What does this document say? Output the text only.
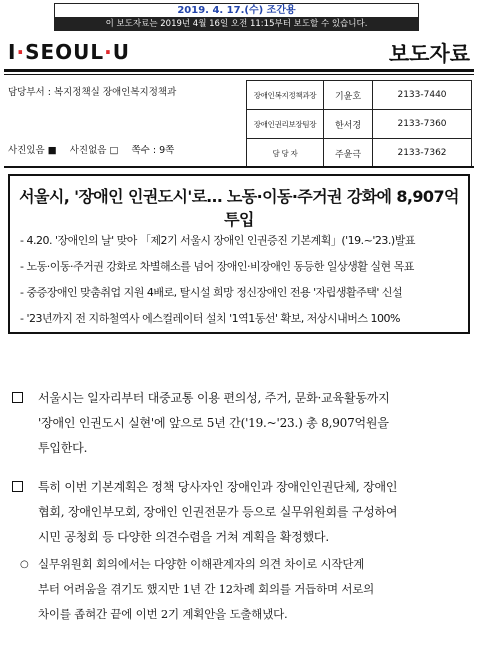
2019. 4. 17.(수) 조간용
이 보도자료는 2019년 4월 16일 오전 11:15부터 보도할 수 있습니다.
I·SEOUL·U	보도자료
담당부서 : 복지정책실 장애인복지정책과
사진있음 ■ 사진없음 □ 쪽수 : 9쪽
장애인복지정책과장	기윤호	2133-7440
장애인권리보장팀장	한서경	2133-7360
담 당 자	주윤극	2133-7362
서울시, '장애인 인권도시'로… 노동·이동·주거권 강화에 8,907억 투입
- 4.20. '장애인의 날' 맞아 「제2기 서울시 장애인 인권증진 기본계획」('19.~'23.)발표
- 노동·이동·주거권 강화로 차별해소를 넘어 장애인·비장애인 동등한 일상생활 실현 목표
- 중증장애인 맞춤취업 지원 4배로, 탈시설 희망 정신장애인 전용 '자립생활주택' 신설
- '23년까지 전 지하철역사 에스컬레이터 설치 '1역1동선' 확보, 저상시내버스 100%
서울시는 일자리부터 대중교통 이용 편의성, 주거, 문화·교육활동까지
'장애인 인권도시 실현'에 앞으로 5년 간('19.~'23.) 총 8,907억원을
투입한다.
특히 이번 기본계획은 정책 당사자인 장애인과 장애인인권단체, 장애인
협회, 장애인부모회, 장애인 인권전문가 등으로 실무위원회를 구성하여
시민 공청회 등 다양한 의견수렴을 거쳐 계획을 확정했다.
○ 실무위원회 회의에서는 다양한 이해관계자의 의견 차이로 시작단계
부터 어려움을 겪기도 했지만 1년 간 12차례 회의를 거듭하며 서로의
차이를 좁혀간 끝에 이번 2기 계획안을 도출해냈다.
